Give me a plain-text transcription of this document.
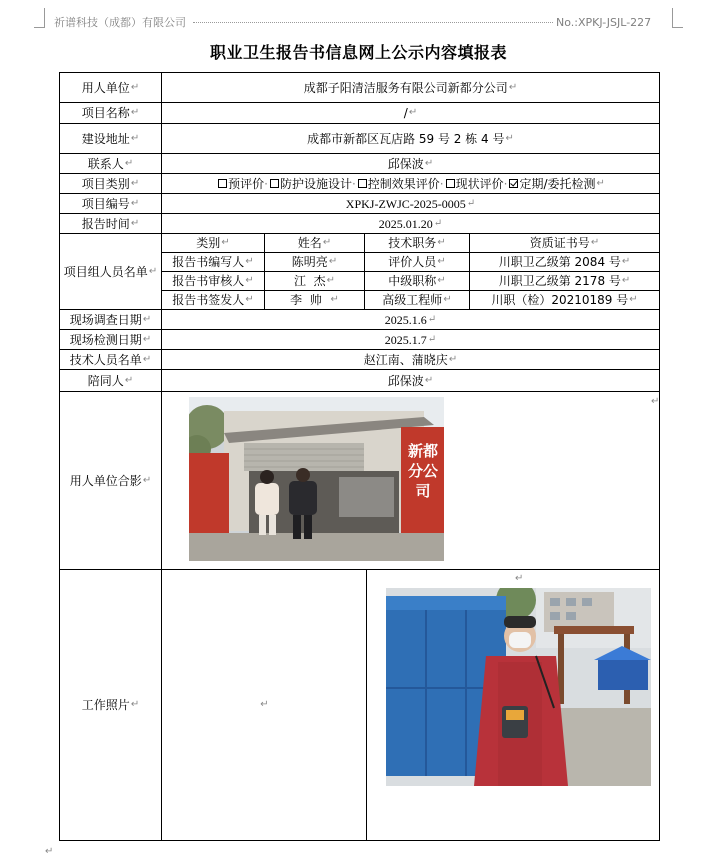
祈谱科技（成都）有限公司	No.:XPKJ-JSJL-227
职业卫生报告书信息网上公示内容填报表
用人单位 ↵	成都子阳清洁服务有限公司新都分公司 ↵
项目名称 ↵	/ ↵
建设地址 ↵	成都市新都区瓦店路 59 号 2 栋 4 号 ↵
联系人 ↵	邱保波 ↵
项目类别 ↵	预评价 · 防护设施设计 · 控制效果评价 · 现状评价 · 定期/委托检测 ↵
项目编号 ↵	XPKJ-ZWJC-2025-0005 ↵
报告时间 ↵	2025.01.20 ↵
项目组人员名单 ↵
类别 ↵	姓名 ↵	技术职务 ↵	资质证书号 ↵
报告书编写人 ↵	陈明亮 ↵	评价人员 ↵	川职卫乙级第 2084 号 ↵
报告书审核人 ↵	江  杰 ↵	中级职称 ↵	川职卫乙级第 2178 号 ↵
报告书签发人 ↵	李  帅 ↵	高级工程师 ↵	川职（检）20210189 号 ↵
现场调查日期 ↵	2025.1.6 ↵
现场检测日期 ↵	2025.1.7 ↵
技术人员名单 ↵	赵江南、蒲晓庆 ↵
陪同人 ↵	邱保波 ↵
用人单位合影 ↵
↵
新都分公司
工作照片 ↵	↵
↵
↵
